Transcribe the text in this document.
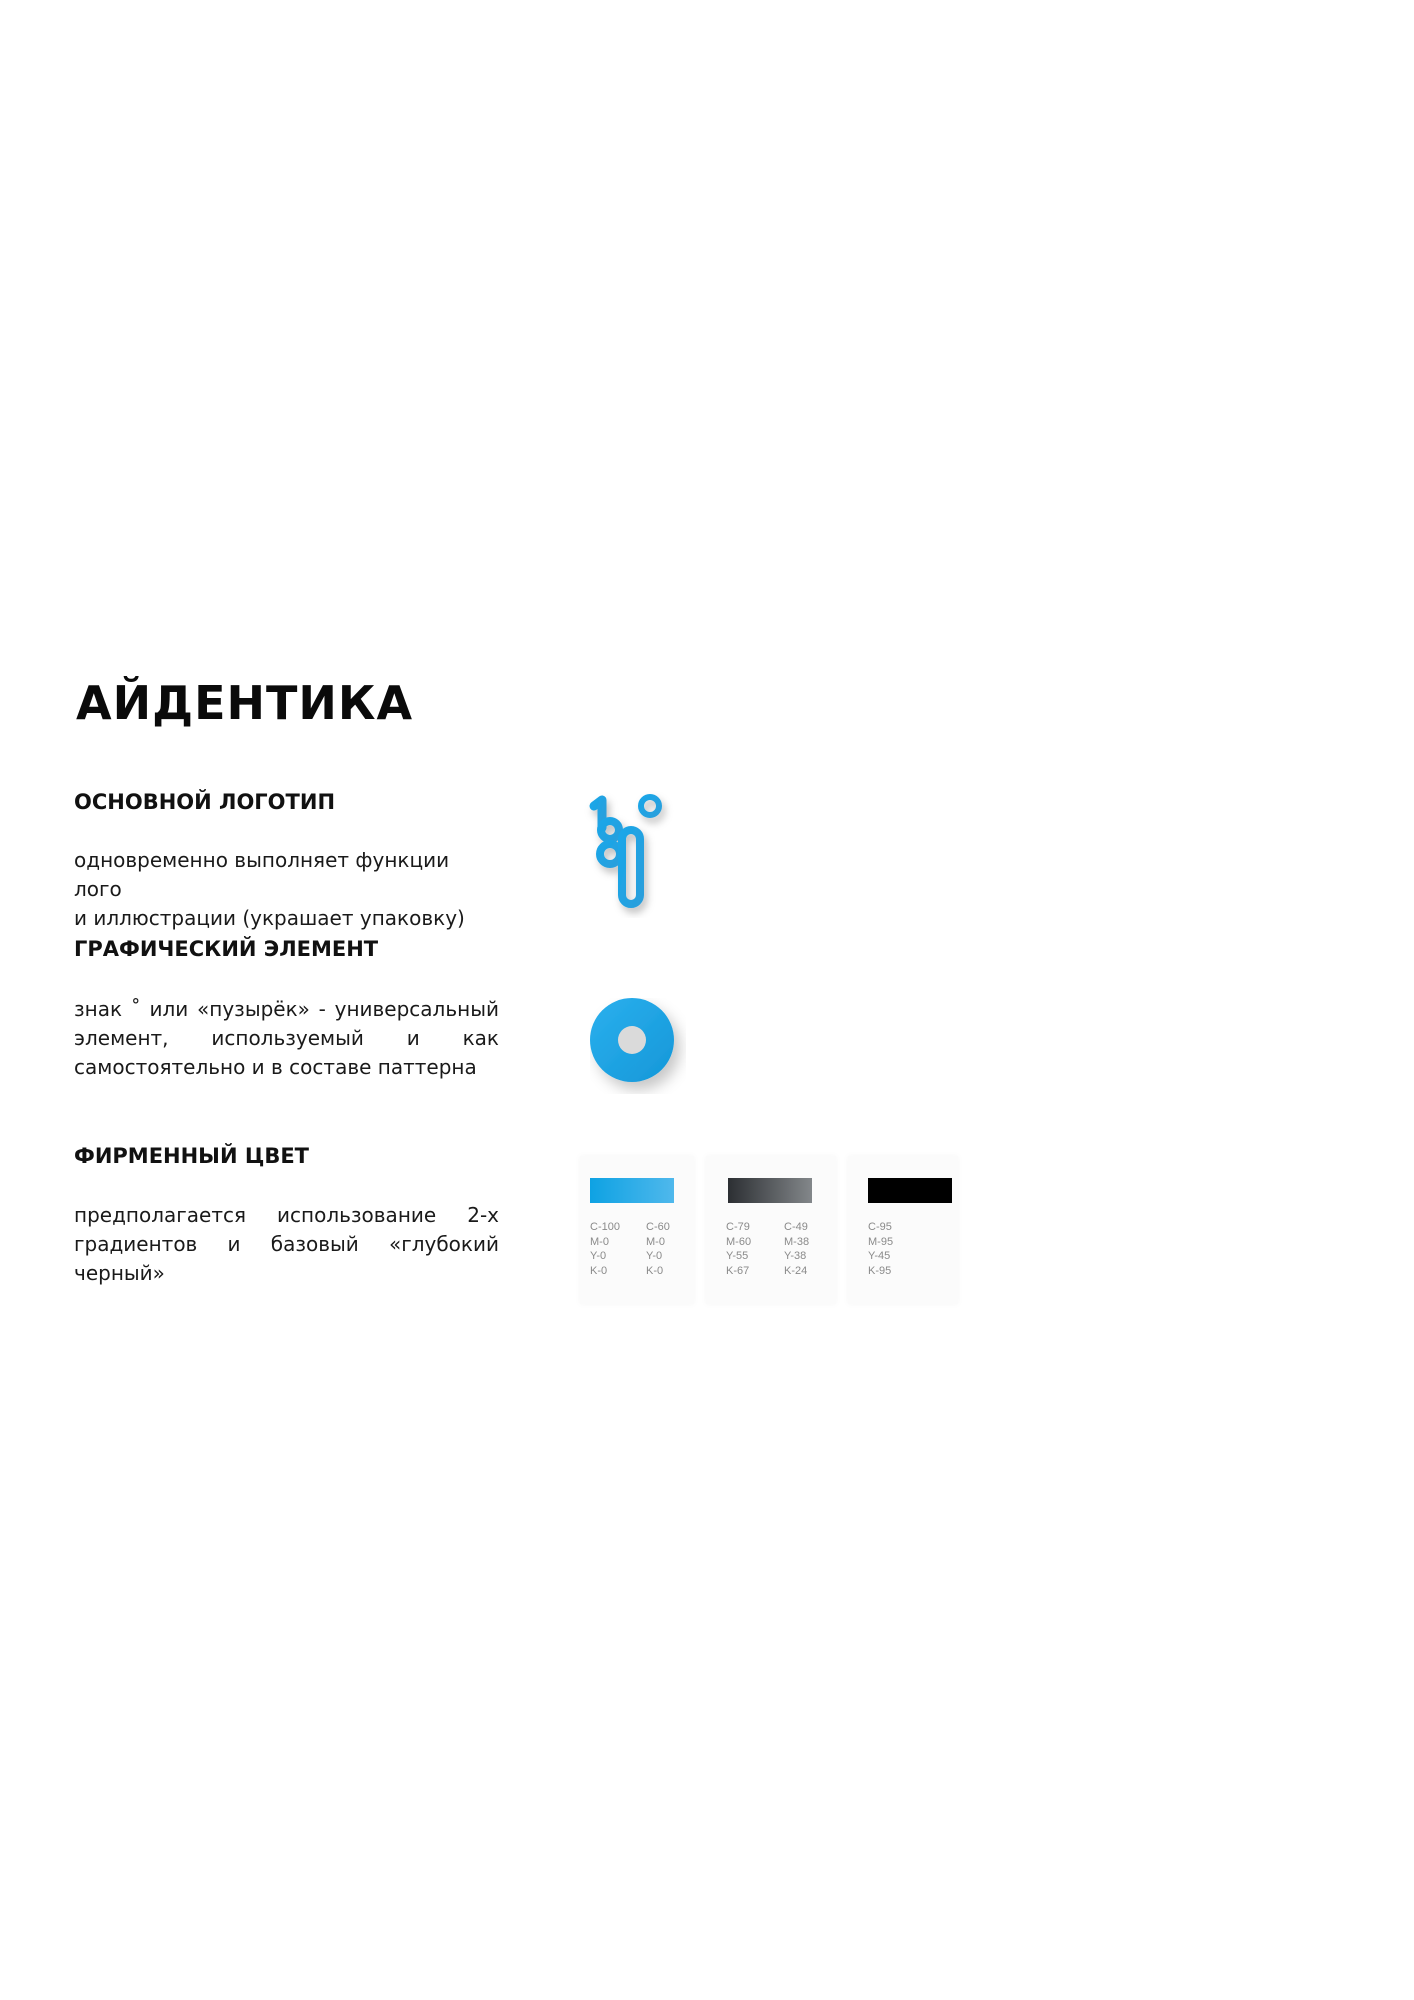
АЙДЕНТИКА
ОСНОВНОЙ ЛОГОТИП

одновременно выполняет функции лого
и иллюстрации (украшает упаковку)

ГРАФИЧЕСКИЙ ЭЛЕМЕНТ

знак ˚ или «пузырёк» - универсальный элемент, используемый и как самостоятельно и в составе паттерна

ФИРМЕННЫЙ ЦВЕТ

предполагается использование 2-х градиентов и базовый «глубокий черный»

C-100
M-0
Y-0
K-0
C-60
M-0
Y-0
K-0
C-79
M-60
Y-55
K-67
C-49
M-38
Y-38
K-24
C-95
M-95
Y-45
K-95
